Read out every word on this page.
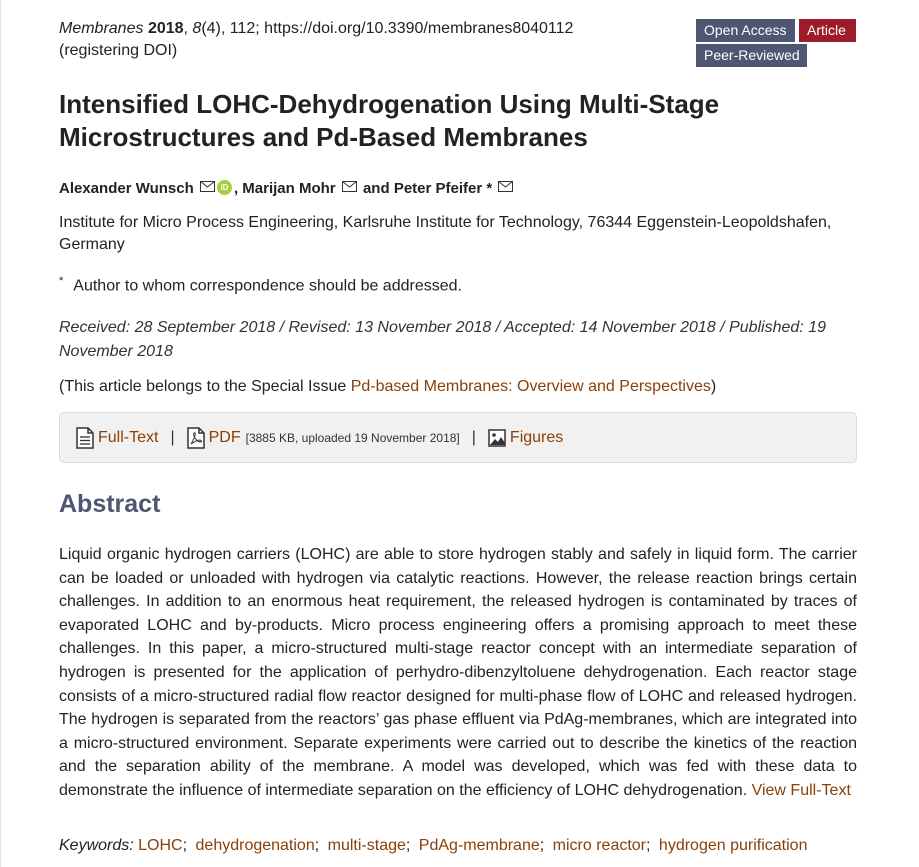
Membranes 2018, 8(4), 112; https://doi.org/10.3390/membranes8040112
(registering DOI)
Open Access	Article
Peer-Reviewed
Intensified LOHC-Dehydrogenation Using Multi-Stage Microstructures and Pd-Based Membranes
Alexander Wunsch	iD , Marijan Mohr and Peter Pfeifer *
Institute for Micro Process Engineering, Karlsruhe Institute for Technology, 76344 Eggenstein-Leopoldshafen, Germany
* Author to whom correspondence should be addressed.
Received: 28 September 2018 / Revised: 13 November 2018 / Accepted: 14 November 2018 / Published: 19 November 2018
(This article belongs to the Special Issue Pd-based Membranes: Overview and Perspectives)
Full-Text | PDF [3885 KB, uploaded 19 November 2018] | Figures
Abstract

Liquid organic hydrogen carriers (LOHC) are able to store hydrogen stably and safely in liquid form. The carrier can be loaded or unloaded with hydrogen via catalytic reactions. However, the release reaction brings certain challenges. In addition to an enormous heat requirement, the released hydrogen is contaminated by traces of evaporated LOHC and by-products. Micro process engineering offers a promising approach to meet these challenges. In this paper, a micro-structured multi-stage reactor concept with an intermediate separation of hydrogen is presented for the application of perhydro-dibenzyltoluene dehydrogenation. Each reactor stage consists of a micro-structured radial flow reactor designed for multi-phase flow of LOHC and released hydrogen. The hydrogen is separated from the reactors’ gas phase effluent via PdAg-membranes, which are integrated into a micro-structured environment. Separate experiments were carried out to describe the kinetics of the reaction and the separation ability of the membrane. A model was developed, which was fed with these data to demonstrate the influence of intermediate separation on the efficiency of LOHC dehydrogenation. View Full-Text

Keywords: LOHC; dehydrogenation; multi-stage; PdAg-membrane; micro reactor; hydrogen purification
